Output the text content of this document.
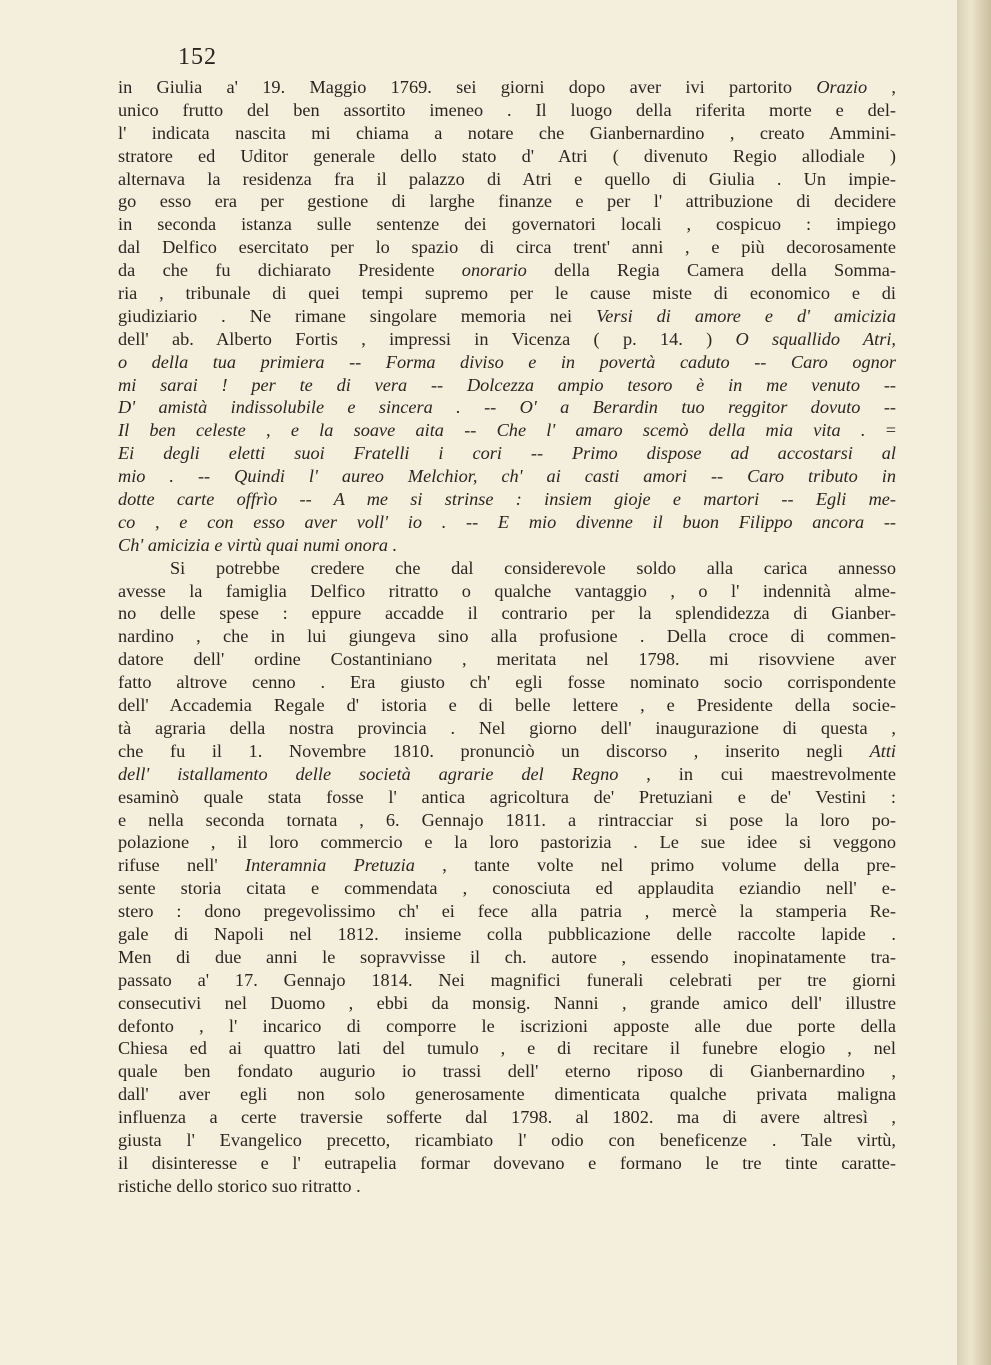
152
in Giulia a' 19. Maggio 1769. sei giorni dopo aver ivi partorito Orazio ,
unico frutto del ben assortito imeneo . Il luogo della riferita morte e del-
l' indicata nascita mi chiama a notare che Gianbernardino , creato Ammini-
stratore ed Uditor generale dello stato d' Atri ( divenuto Regio allodiale )
alternava la residenza fra il palazzo di Atri e quello di Giulia . Un impie-
go esso era per gestione di larghe finanze e per l' attribuzione di decidere
in seconda istanza sulle sentenze dei governatori locali , cospicuo : impiego
dal Delfico esercitato per lo spazio di circa trent' anni , e più decorosamente
da che fu dichiarato Presidente onorario della Regia Camera della Somma-
ria , tribunale di quei tempi supremo per le cause miste di economico e di
giudiziario . Ne rimane singolare memoria nei Versi di amore e d' amicizia
dell' ab. Alberto Fortis , impressi in Vicenza ( p. 14. ) O squallido Atri,
o della tua primiera -- Forma diviso e in povertà caduto -- Caro ognor
mi sarai ! per te di vera -- Dolcezza ampio tesoro è in me venuto --
D' amistà indissolubile e sincera . -- O' a Berardin tuo reggitor dovuto --
Il ben celeste , e la soave aita -- Che l' amaro scemò della mia vita . =
Ei degli eletti suoi Fratelli i cori -- Primo dispose ad accostarsi al
mio . -- Quindi l' aureo Melchior, ch' ai casti amori -- Caro tributo in
dotte carte offrìo -- A me si strinse : insiem gioje e martori -- Egli me-
co , e con esso aver voll' io . -- E mio divenne il buon Filippo ancora --
Ch' amicizia e virtù quai numi onora .
Si potrebbe credere che dal considerevole soldo alla carica annesso
avesse la famiglia Delfico ritratto o qualche vantaggio , o l' indennità alme-
no delle spese : eppure accadde il contrario per la splendidezza di Gianber-
nardino , che in lui giungeva sino alla profusione . Della croce di commen-
datore dell' ordine Costantiniano , meritata nel 1798. mi risovviene aver
fatto altrove cenno . Era giusto ch' egli fosse nominato socio corrispondente
dell' Accademia Regale d' istoria e di belle lettere , e Presidente della socie-
tà agraria della nostra provincia . Nel giorno dell' inaugurazione di questa ,
che fu il 1. Novembre 1810. pronunciò un discorso , inserito negli Atti
dell' istallamento delle società agrarie del Regno , in cui maestrevolmente
esaminò quale stata fosse l' antica agricoltura de' Pretuziani e de' Vestini :
e nella seconda tornata , 6. Gennajo 1811. a rintracciar si pose la loro po-
polazione , il loro commercio e la loro pastorizia . Le sue idee si veggono
rifuse nell' Interamnia Pretuzia , tante volte nel primo volume della pre-
sente storia citata e commendata , conosciuta ed applaudita eziandio nell' e-
stero : dono pregevolissimo ch' ei fece alla patria , mercè la stamperia Re-
gale di Napoli nel 1812. insieme colla pubblicazione delle raccolte lapide .
Men di due anni le sopravvisse il ch. autore , essendo inopinatamente tra-
passato a' 17. Gennajo 1814. Nei magnifici funerali celebrati per tre giorni
consecutivi nel Duomo , ebbi da monsig. Nanni , grande amico dell' illustre
defonto , l' incarico di comporre le iscrizioni apposte alle due porte della
Chiesa ed ai quattro lati del tumulo , e di recitare il funebre elogio , nel
quale ben fondato augurio io trassi dell' eterno riposo di Gianbernardino ,
dall' aver egli non solo generosamente dimenticata qualche privata maligna
influenza a certe traversie sofferte dal 1798. al 1802. ma di avere altresì ,
giusta l' Evangelico precetto, ricambiato l' odio con beneficenze . Tale virtù,
il disinteresse e l' eutrapelia formar dovevano e formano le tre tinte caratte-
ristiche dello storico suo ritratto .
